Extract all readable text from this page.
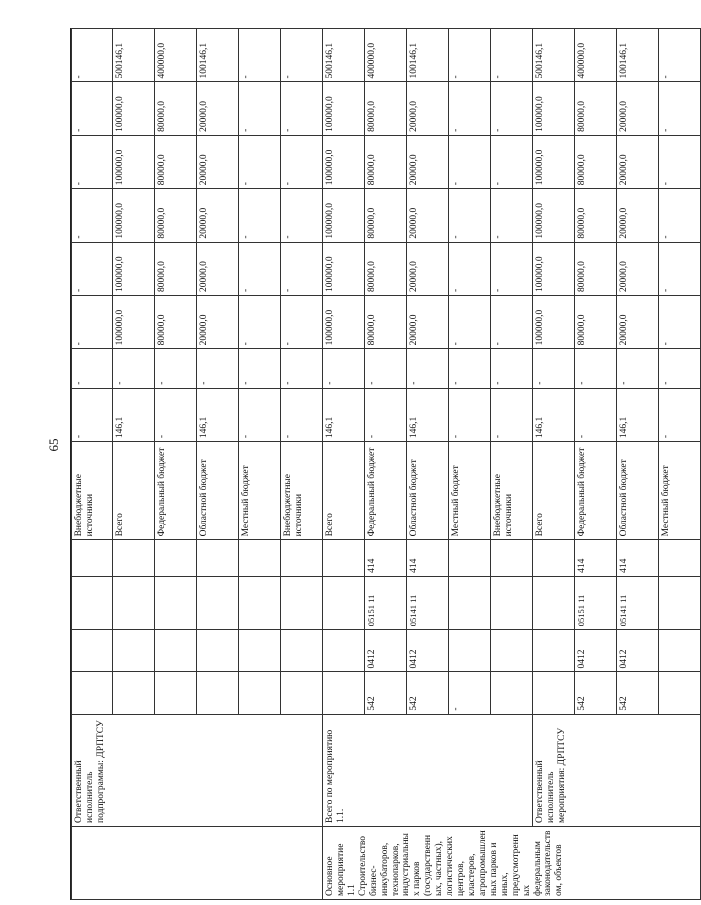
65
	Ответственный исполнитель подпрограммы: ДРПТСУ					Внебюджетные источники	-	-	-	-	-	-	-	-
						Всего	146,1	-	100000,0	100000,0	100000,0	100000,0	100000,0	500146,1
						Федеральный бюджет	-	-	80000,0	80000,0	80000,0	80000,0	80000,0	400000,0
						Областной бюджет	146,1	-	20000,0	20000,0	20000,0	20000,0	20000,0	100146,1
						Местный бюджет	-	-	-	-	-	-	-	-
						Внебюджетные источники	-	-	-	-	-	-	-	-
Основное мероприятие 1.1 Строительство бизнес-инкубаторов, технопарков, индустриальных парков (государственных, частных), логистических центров, кластеров, агропромышленных парков и иных, предусмотренных федеральным законодательством, объектов	Всего по мероприятию 1.1.					Всего	146,1	-	100000,0	100000,0	100000,0	100000,0	100000,0	500146,1
		542	0412	05151 11	414	Федеральный бюджет	-	-	80000,0	80000,0	80000,0	80000,0	80000,0	400000,0
		542	0412	05141 11	414	Областной бюджет	146,1	-	20000,0	20000,0	20000,0	20000,0	20000,0	100146,1
		-				Местный бюджет	-	-	-	-	-	-	-	-
						Внебюджетные источники	-	-	-	-	-	-	-	-
	Ответственный исполнитель мероприятия: ДРПТСУ					Всего	146,1	-	100000,0	100000,0	100000,0	100000,0	100000,0	500146,1
		542	0412	05151 11	414	Федеральный бюджет	-	-	80000,0	80000,0	80000,0	80000,0	80000,0	400000,0
		542	0412	05141 11	414	Областной бюджет	146,1	-	20000,0	20000,0	20000,0	20000,0	20000,0	100146,1
						Местный бюджет	-	-	-	-	-	-	-	-
